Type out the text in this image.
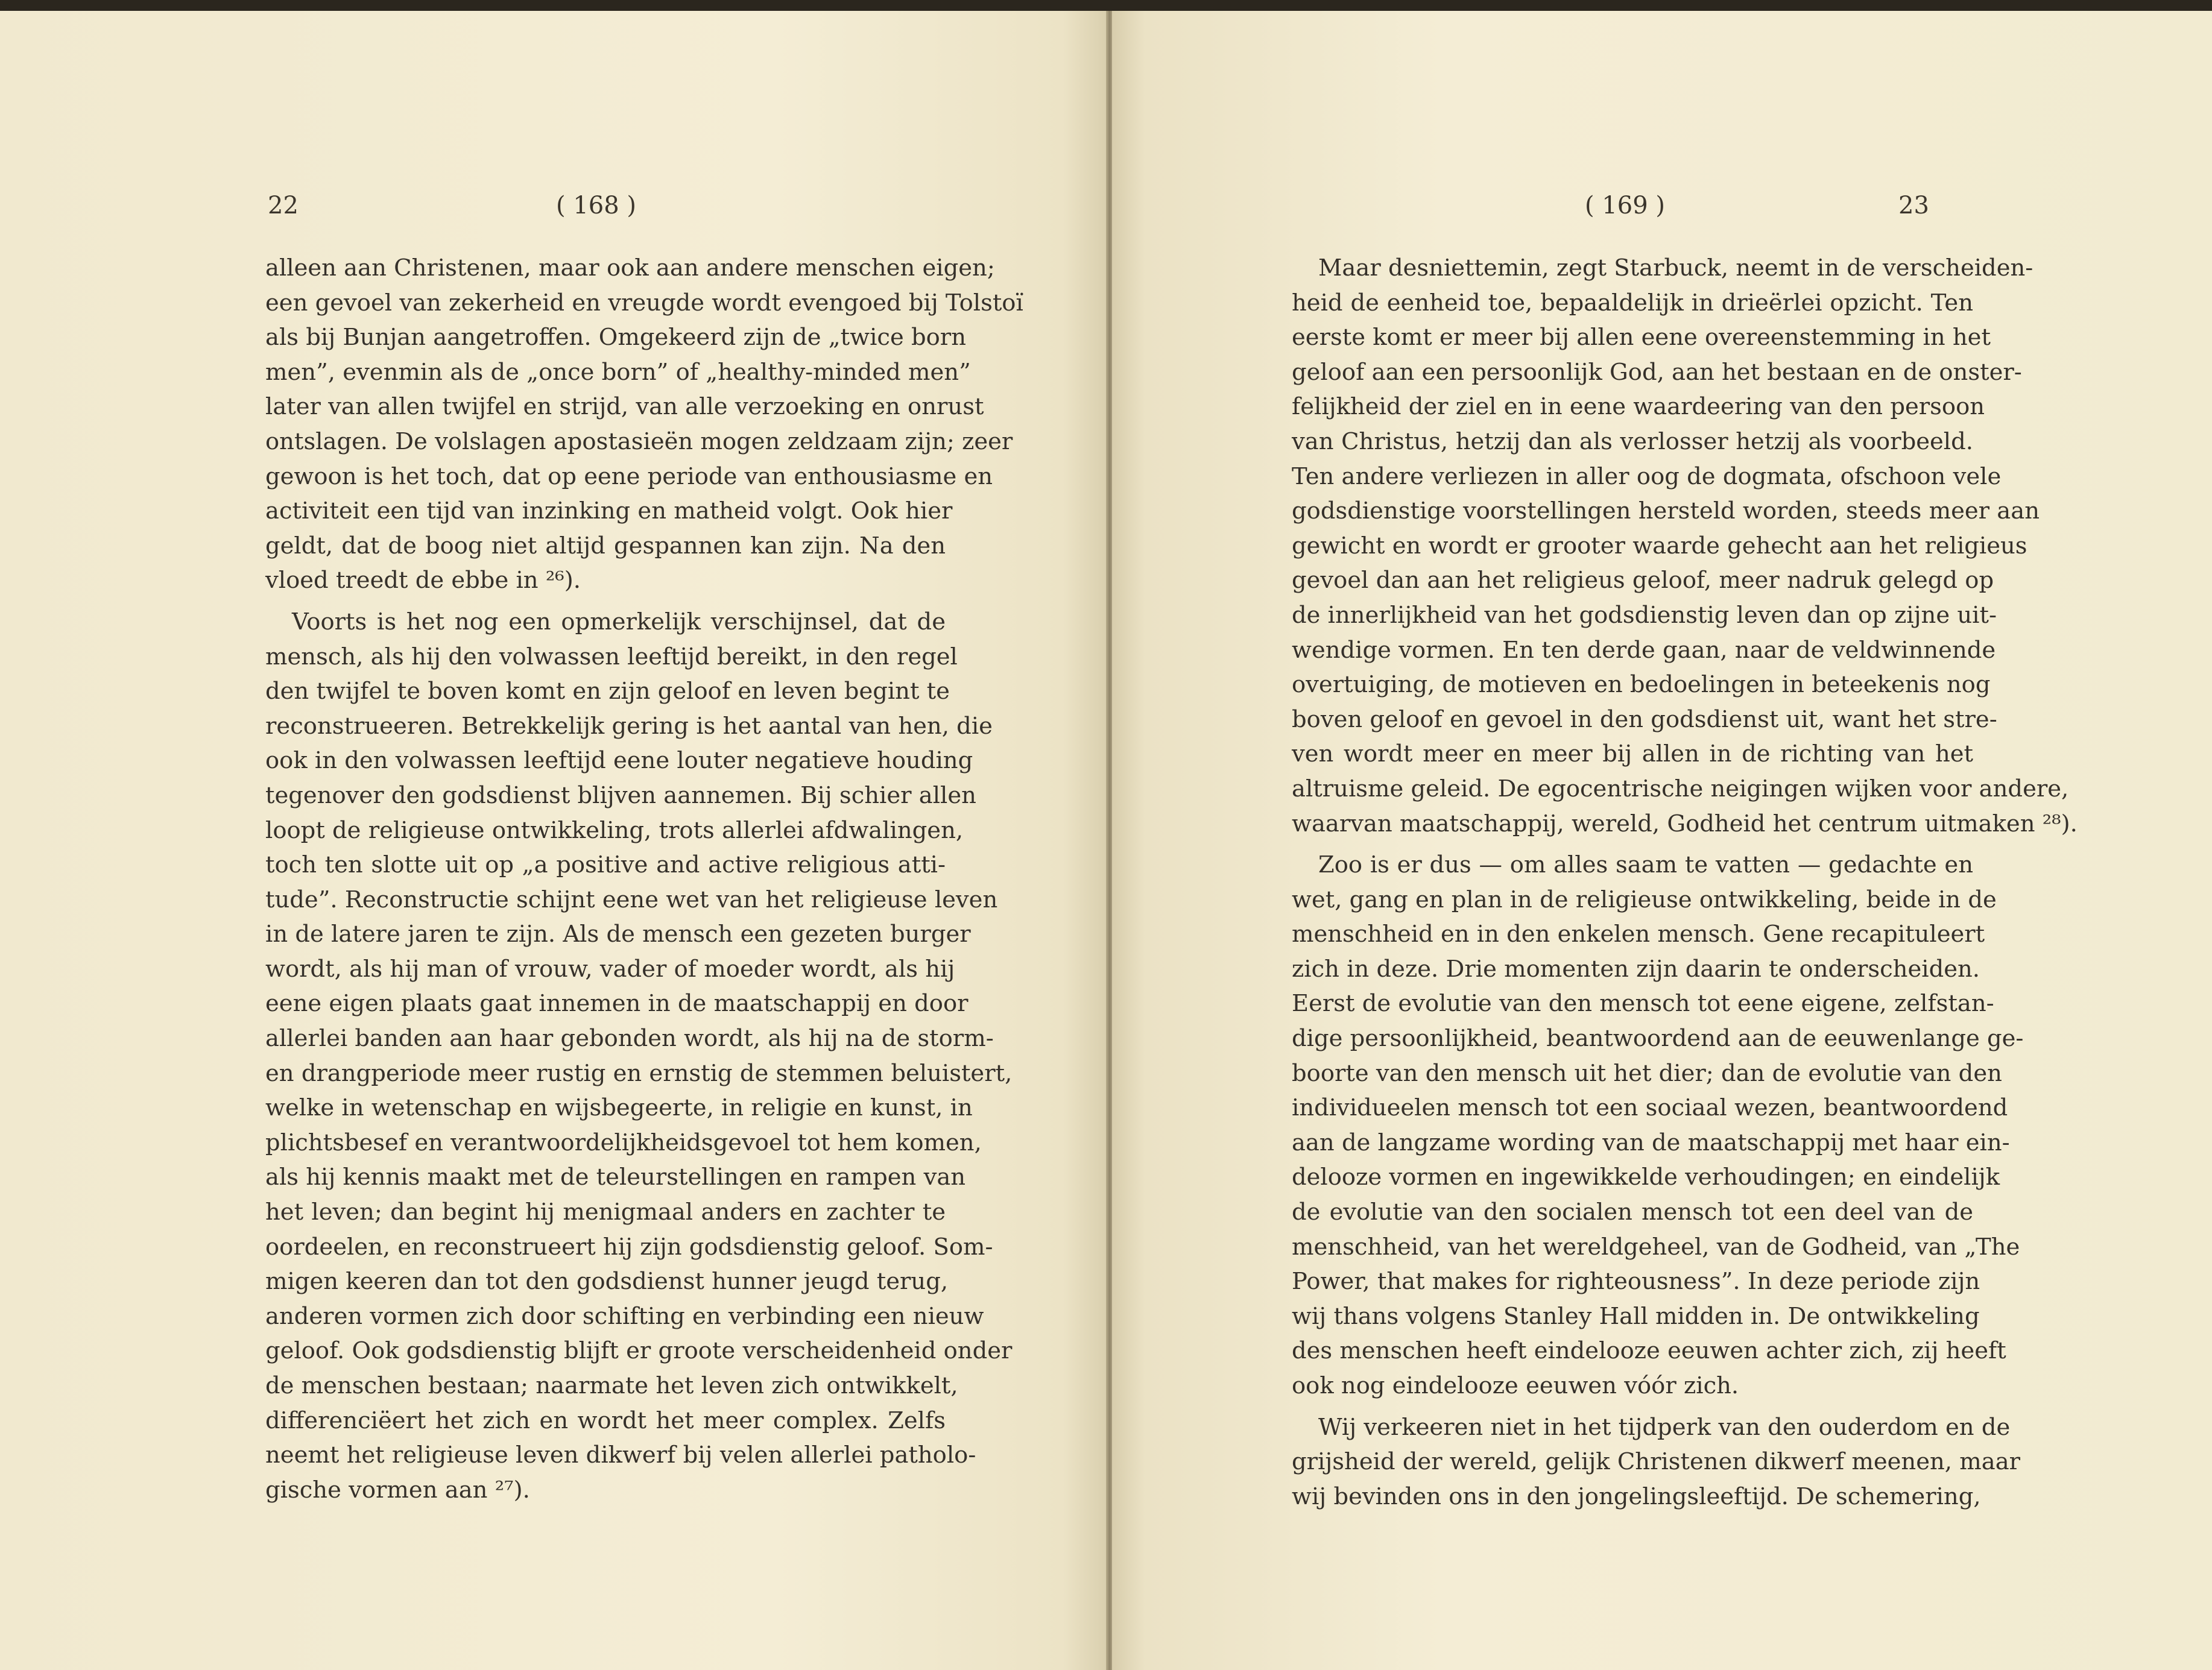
22	( 168 )
alleen aan Christenen, maar ook aan andere menschen eigen;
een gevoel van zekerheid en vreugde wordt evengoed bij Tolstoï
als bij Bunjan aangetroffen. Omgekeerd zijn de „twice born
men”, evenmin als de „once born” of „healthy-minded men”
later van allen twijfel en strijd, van alle verzoeking en onrust
ontslagen. De volslagen apostasieën mogen zeldzaam zijn; zeer
gewoon is het toch, dat op eene periode van enthousiasme en
activiteit een tijd van inzinking en matheid volgt. Ook hier
geldt, dat de boog niet altijd gespannen kan zijn. Na den
vloed treedt de ebbe in ²⁶).
Voorts is het nog een opmerkelijk verschijnsel, dat de
mensch, als hij den volwassen leeftijd bereikt, in den regel
den twijfel te boven komt en zijn geloof en leven begint te
reconstrueeren. Betrekkelijk gering is het aantal van hen, die
ook in den volwassen leeftijd eene louter negatieve houding
tegenover den godsdienst blijven aannemen. Bij schier allen
loopt de religieuse ontwikkeling, trots allerlei afdwalingen,
toch ten slotte uit op „a positive and active religious atti-
tude”. Reconstructie schijnt eene wet van het religieuse leven
in de latere jaren te zijn. Als de mensch een gezeten burger
wordt, als hij man of vrouw, vader of moeder wordt, als hij
eene eigen plaats gaat innemen in de maatschappij en door
allerlei banden aan haar gebonden wordt, als hij na de storm-
en drangperiode meer rustig en ernstig de stemmen beluistert,
welke in wetenschap en wijsbegeerte, in religie en kunst, in
plichtsbesef en verantwoordelijkheidsgevoel tot hem komen,
als hij kennis maakt met de teleurstellingen en rampen van
het leven; dan begint hij menigmaal anders en zachter te
oordeelen, en reconstrueert hij zijn godsdienstig geloof. Som-
migen keeren dan tot den godsdienst hunner jeugd terug,
anderen vormen zich door schifting en verbinding een nieuw
geloof. Ook godsdienstig blijft er groote verscheidenheid onder
de menschen bestaan; naarmate het leven zich ontwikkelt,
differenciëert het zich en wordt het meer complex. Zelfs
neemt het religieuse leven dikwerf bij velen allerlei patholo-
gische vormen aan ²⁷).
( 169 )	23
Maar desniettemin, zegt Starbuck, neemt in de verscheiden-
heid de eenheid toe, bepaaldelijk in drieërlei opzicht. Ten
eerste komt er meer bij allen eene overeenstemming in het
geloof aan een persoonlijk God, aan het bestaan en de onster-
felijkheid der ziel en in eene waardeering van den persoon
van Christus, hetzij dan als verlosser hetzij als voorbeeld.
Ten andere verliezen in aller oog de dogmata, ofschoon vele
godsdienstige voorstellingen hersteld worden, steeds meer aan
gewicht en wordt er grooter waarde gehecht aan het religieus
gevoel dan aan het religieus geloof, meer nadruk gelegd op
de innerlijkheid van het godsdienstig leven dan op zijne uit-
wendige vormen. En ten derde gaan, naar de veldwinnende
overtuiging, de motieven en bedoelingen in beteekenis nog
boven geloof en gevoel in den godsdienst uit, want het stre-
ven wordt meer en meer bij allen in de richting van het
altruisme geleid. De egocentrische neigingen wijken voor andere,
waarvan maatschappij, wereld, Godheid het centrum uitmaken ²⁸).
Zoo is er dus — om alles saam te vatten — gedachte en
wet, gang en plan in de religieuse ontwikkeling, beide in de
menschheid en in den enkelen mensch. Gene recapituleert
zich in deze. Drie momenten zijn daarin te onderscheiden.
Eerst de evolutie van den mensch tot eene eigene, zelfstan-
dige persoonlijkheid, beantwoordend aan de eeuwenlange ge-
boorte van den mensch uit het dier; dan de evolutie van den
individueelen mensch tot een sociaal wezen, beantwoordend
aan de langzame wording van de maatschappij met haar ein-
delooze vormen en ingewikkelde verhoudingen; en eindelijk
de evolutie van den socialen mensch tot een deel van de
menschheid, van het wereldgeheel, van de Godheid, van „The
Power, that makes for righteousness”. In deze periode zijn
wij thans volgens Stanley Hall midden in. De ontwikkeling
des menschen heeft eindelooze eeuwen achter zich, zij heeft
ook nog eindelooze eeuwen vóór zich.
Wij verkeeren niet in het tijdperk van den ouderdom en de
grijsheid der wereld, gelijk Christenen dikwerf meenen, maar
wij bevinden ons in den jongelingsleeftijd. De schemering,
